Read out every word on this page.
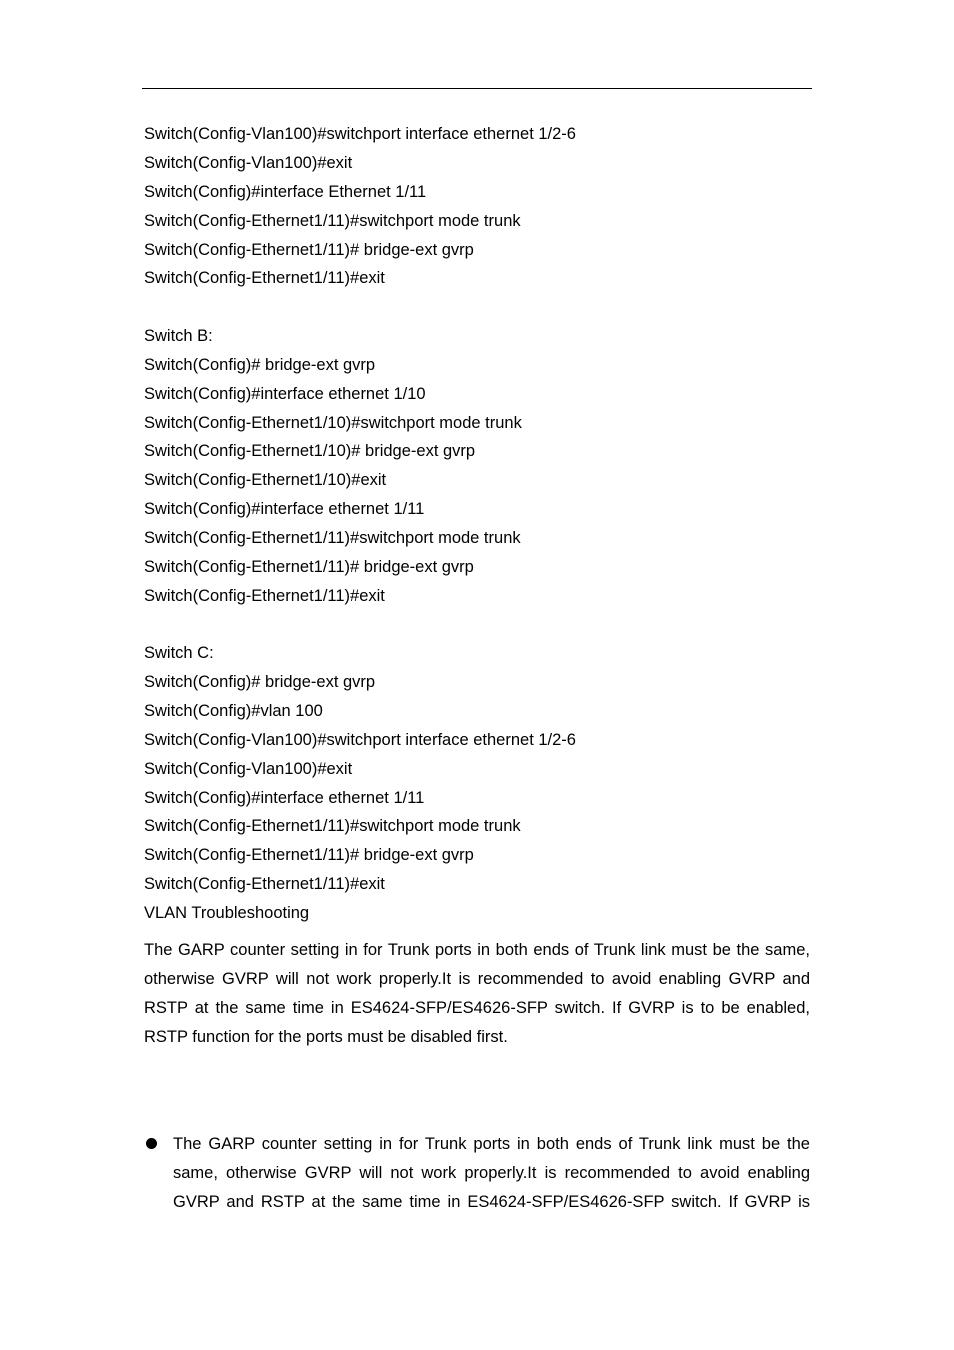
Switch(Config-Vlan100)#switchport interface ethernet 1/2-6
Switch(Config-Vlan100)#exit
Switch(Config)#interface Ethernet 1/11
Switch(Config-Ethernet1/11)#switchport mode trunk
Switch(Config-Ethernet1/11)# bridge-ext gvrp
Switch(Config-Ethernet1/11)#exit
Switch B:
Switch(Config)# bridge-ext gvrp
Switch(Config)#interface ethernet 1/10
Switch(Config-Ethernet1/10)#switchport mode trunk
Switch(Config-Ethernet1/10)# bridge-ext gvrp
Switch(Config-Ethernet1/10)#exit
Switch(Config)#interface ethernet 1/11
Switch(Config-Ethernet1/11)#switchport mode trunk
Switch(Config-Ethernet1/11)# bridge-ext gvrp
Switch(Config-Ethernet1/11)#exit
Switch C:
Switch(Config)# bridge-ext gvrp
Switch(Config)#vlan 100
Switch(Config-Vlan100)#switchport interface ethernet 1/2-6
Switch(Config-Vlan100)#exit
Switch(Config)#interface ethernet 1/11
Switch(Config-Ethernet1/11)#switchport mode trunk
Switch(Config-Ethernet1/11)# bridge-ext gvrp
Switch(Config-Ethernet1/11)#exit
VLAN Troubleshooting
The GARP counter setting in for Trunk ports in both ends of Trunk link must be the same, otherwise GVRP will not work properly.It is recommended to avoid enabling GVRP and RSTP at the same time in ES4624-SFP/ES4626-SFP switch. If GVRP is to be enabled, RSTP function for the ports must be disabled first.
The GARP counter setting in for Trunk ports in both ends of Trunk link must be the same, otherwise GVRP will not work properly.It is recommended to avoid enabling GVRP and RSTP at the same time in ES4624-SFP/ES4626-SFP switch. If GVRP is
